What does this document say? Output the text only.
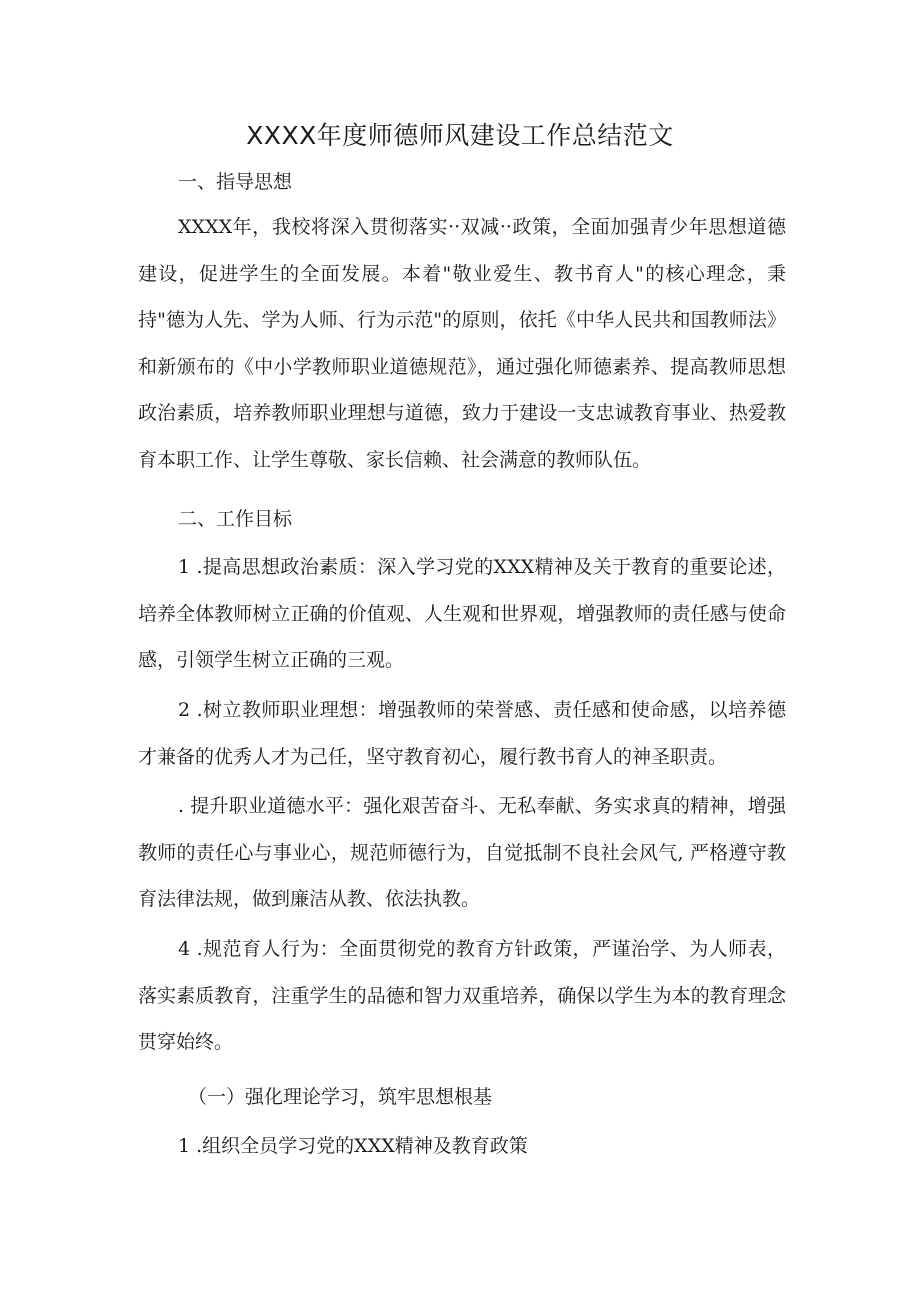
XXXX年度师德师风建设工作总结范文

一、指导思想

XXXX年，我校将深入贯彻落实··双减··政策，全面加强青少年思想道德建设，促进学生的全面发展。本着"敬业爱生、教书育人"的核心理念，秉持"德为人先、学为人师、行为示范"的原则，依托《中华人民共和国教师法》和新颁布的《中小学教师职业道德规范》，通过强化师德素养、提高教师思想政治素质，培养教师职业理想与道德，致力于建设一支忠诚教育事业、热爱教育本职工作、让学生尊敬、家长信赖、社会满意的教师队伍。

二、工作目标

1 .提高思想政治素质：深入学习党的XXX精神及关于教育的重要论述，培养全体教师树立正确的价值观、人生观和世界观，增强教师的责任感与使命感，引领学生树立正确的三观。

2 .树立教师职业理想：增强教师的荣誉感、责任感和使命感，以培养德才兼备的优秀人才为己任，坚守教育初心，履行教书育人的神圣职责。

. 提升职业道德水平：强化艰苦奋斗、无私奉献、务实求真的精神，增强教师的责任心与事业心，规范师德行为，自觉抵制不良社会风气, 严格遵守教育法律法规，做到廉洁从教、依法执教。

4 .规范育人行为：全面贯彻党的教育方针政策，严谨治学、为人师表，落实素质教育，注重学生的品德和智力双重培养，确保以学生为本的教育理念贯穿始终。

（一）强化理论学习，筑牢思想根基

1 .组织全员学习党的XXX精神及教育政策
